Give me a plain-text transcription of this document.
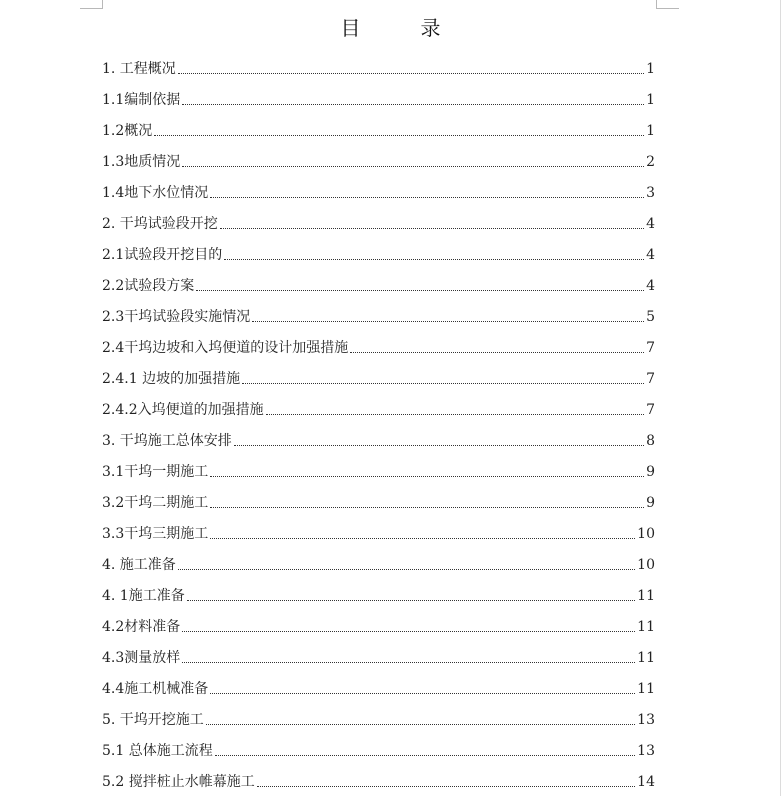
目　录
1. 工程概况	1
1.1编制依据	1
1.2概况	1
1.3地质情况	2
1.4地下水位情况	3
2. 干坞试验段开挖	4
2.1试验段开挖目的	4
2.2试验段方案	4
2.3干坞试验段实施情况	5
2.4干坞边坡和入坞便道的设计加强措施	7
2.4.1 边坡的加强措施	7
2.4.2入坞便道的加强措施	7
3. 干坞施工总体安排	8
3.1干坞一期施工	9
3.2干坞二期施工	9
3.3干坞三期施工	10
4. 施工准备	10
4. 1施工准备	11
4.2材料准备	11
4.3测量放样	11
4.4施工机械准备	11
5. 干坞开挖施工	13
5.1 总体施工流程	13
5.2 搅拌桩止水帷幕施工	14
